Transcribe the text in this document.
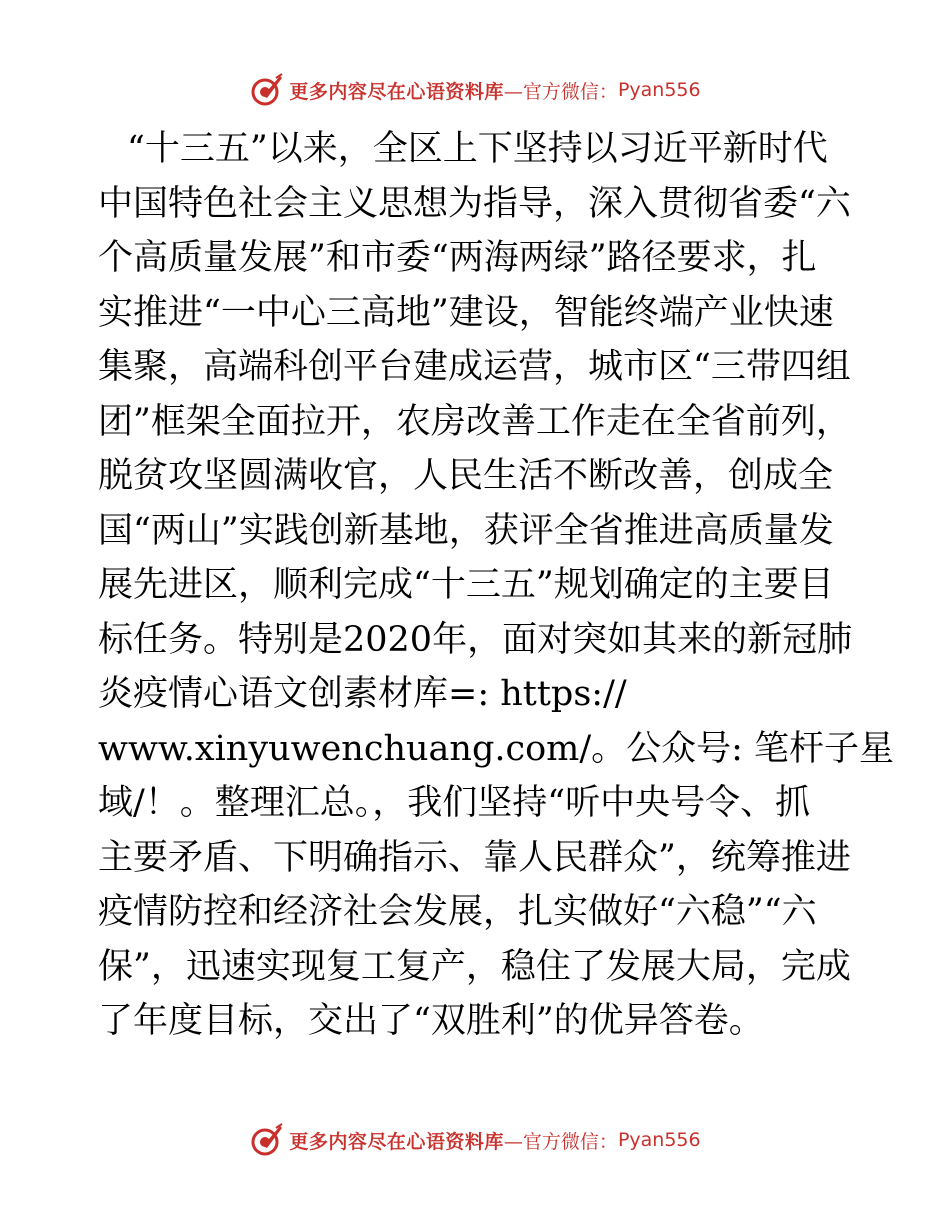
更多内容尽在心语资料库 —官方微信： Pyan556
“十三五”以来，全区上下坚持以习近平新时代
中国特色社会主义思想为指导，深入贯彻省委“六
个高质量发展”和市委“两海两绿”路径要求，扎
实推进“一中心三高地”建设，智能终端产业快速
集聚，高端科创平台建成运营，城市区“三带四组
团”框架全面拉开，农房改善工作走在全省前列，
脱贫攻坚圆满收官，人民生活不断改善，创成全
国“两山”实践创新基地，获评全省推进高质量发
展先进区，顺利完成“十三五”规划确定的主要目
标任务。特别是2020年，面对突如其来的新冠肺
炎疫情心语文创素材库=: https://
www.xinyuwenchuang.com/。公众号: 笔杆子星
域/！。整理汇总。，我们坚持“听中央号令、抓
主要矛盾、下明确指示、靠人民群众”，统筹推进
疫情防控和经济社会发展，扎实做好“六稳”“六
保”，迅速实现复工复产，稳住了发展大局，完成
了年度目标，交出了“双胜利”的优异答卷。
更多内容尽在心语资料库 —官方微信： Pyan556
